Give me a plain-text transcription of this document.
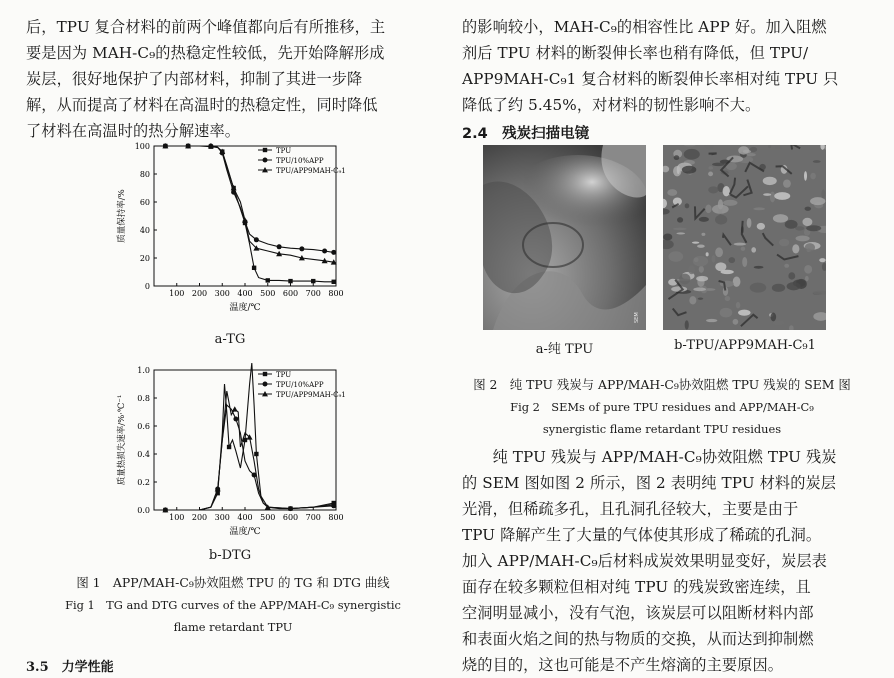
后，TPU 复合材料的前两个峰值都向后有所推移，主

要是因为 MAH-C₉的热稳定性较低，先开始降解形成

炭层，很好地保护了内部材料，抑制了其进一步降

解，从而提高了材料在高温时的热稳定性，同时降低

了材料在高温时的热分解速率。

100 200 300 400 500 600 700 800
0
20
40
60
80
100
温度/℃
质量保持率/%
TPU
TPU/10%APP
TPU/APP9MAH-C₉1
a-TG
100 200 300 400 500 600 700 800
0.0
0.2
0.4
0.6
0.8
1.0
温度/℃
质量热损失速率/%·℃⁻¹
TPU
TPU/10%APP
TPU/APP9MAH-C₉1
b-DTG
图 1　APP/MAH-C₉协效阻燃 TPU 的 TG 和 DTG 曲线
Fig 1　TG and DTG curves of the APP/MAH-C₉ synergistic
flame retardant TPU
3.5　力学性能

的影响较小，MAH-C₉的相容性比 APP 好。加入阻燃

剂后 TPU 材料的断裂伸长率也稍有降低，但 TPU/

APP9MAH-C₉1 复合材料的断裂伸长率相对纯 TPU 只

降低了约 5.45%，对材料的韧性影响不大。

2.4　残炭扫描电镜
SEM
a-纯 TPU	b-TPU/APP9MAH-C₉1
图 2　纯 TPU 残炭与 APP/MAH-C₉协效阻燃 TPU 残炭的 SEM 图
Fig 2　SEMs of pure TPU residues and APP/MAH-C₉
synergistic flame retardant TPU residues

　　纯 TPU 残炭与 APP/MAH-C₉协效阻燃 TPU 残炭

的 SEM 图如图 2 所示，图 2 表明纯 TPU 材料的炭层

光滑，但稀疏多孔，且孔洞孔径较大，主要是由于

TPU 降解产生了大量的气体使其形成了稀疏的孔洞。

加入 APP/MAH-C₉后材料成炭效果明显变好，炭层表

面存在较多颗粒但相对纯 TPU 的残炭致密连续，且

空洞明显减小，没有气泡，该炭层可以阻断材料内部

和表面火焰之间的热与物质的交换，从而达到抑制燃

烧的目的，这也可能是不产生熔滴的主要原因。
